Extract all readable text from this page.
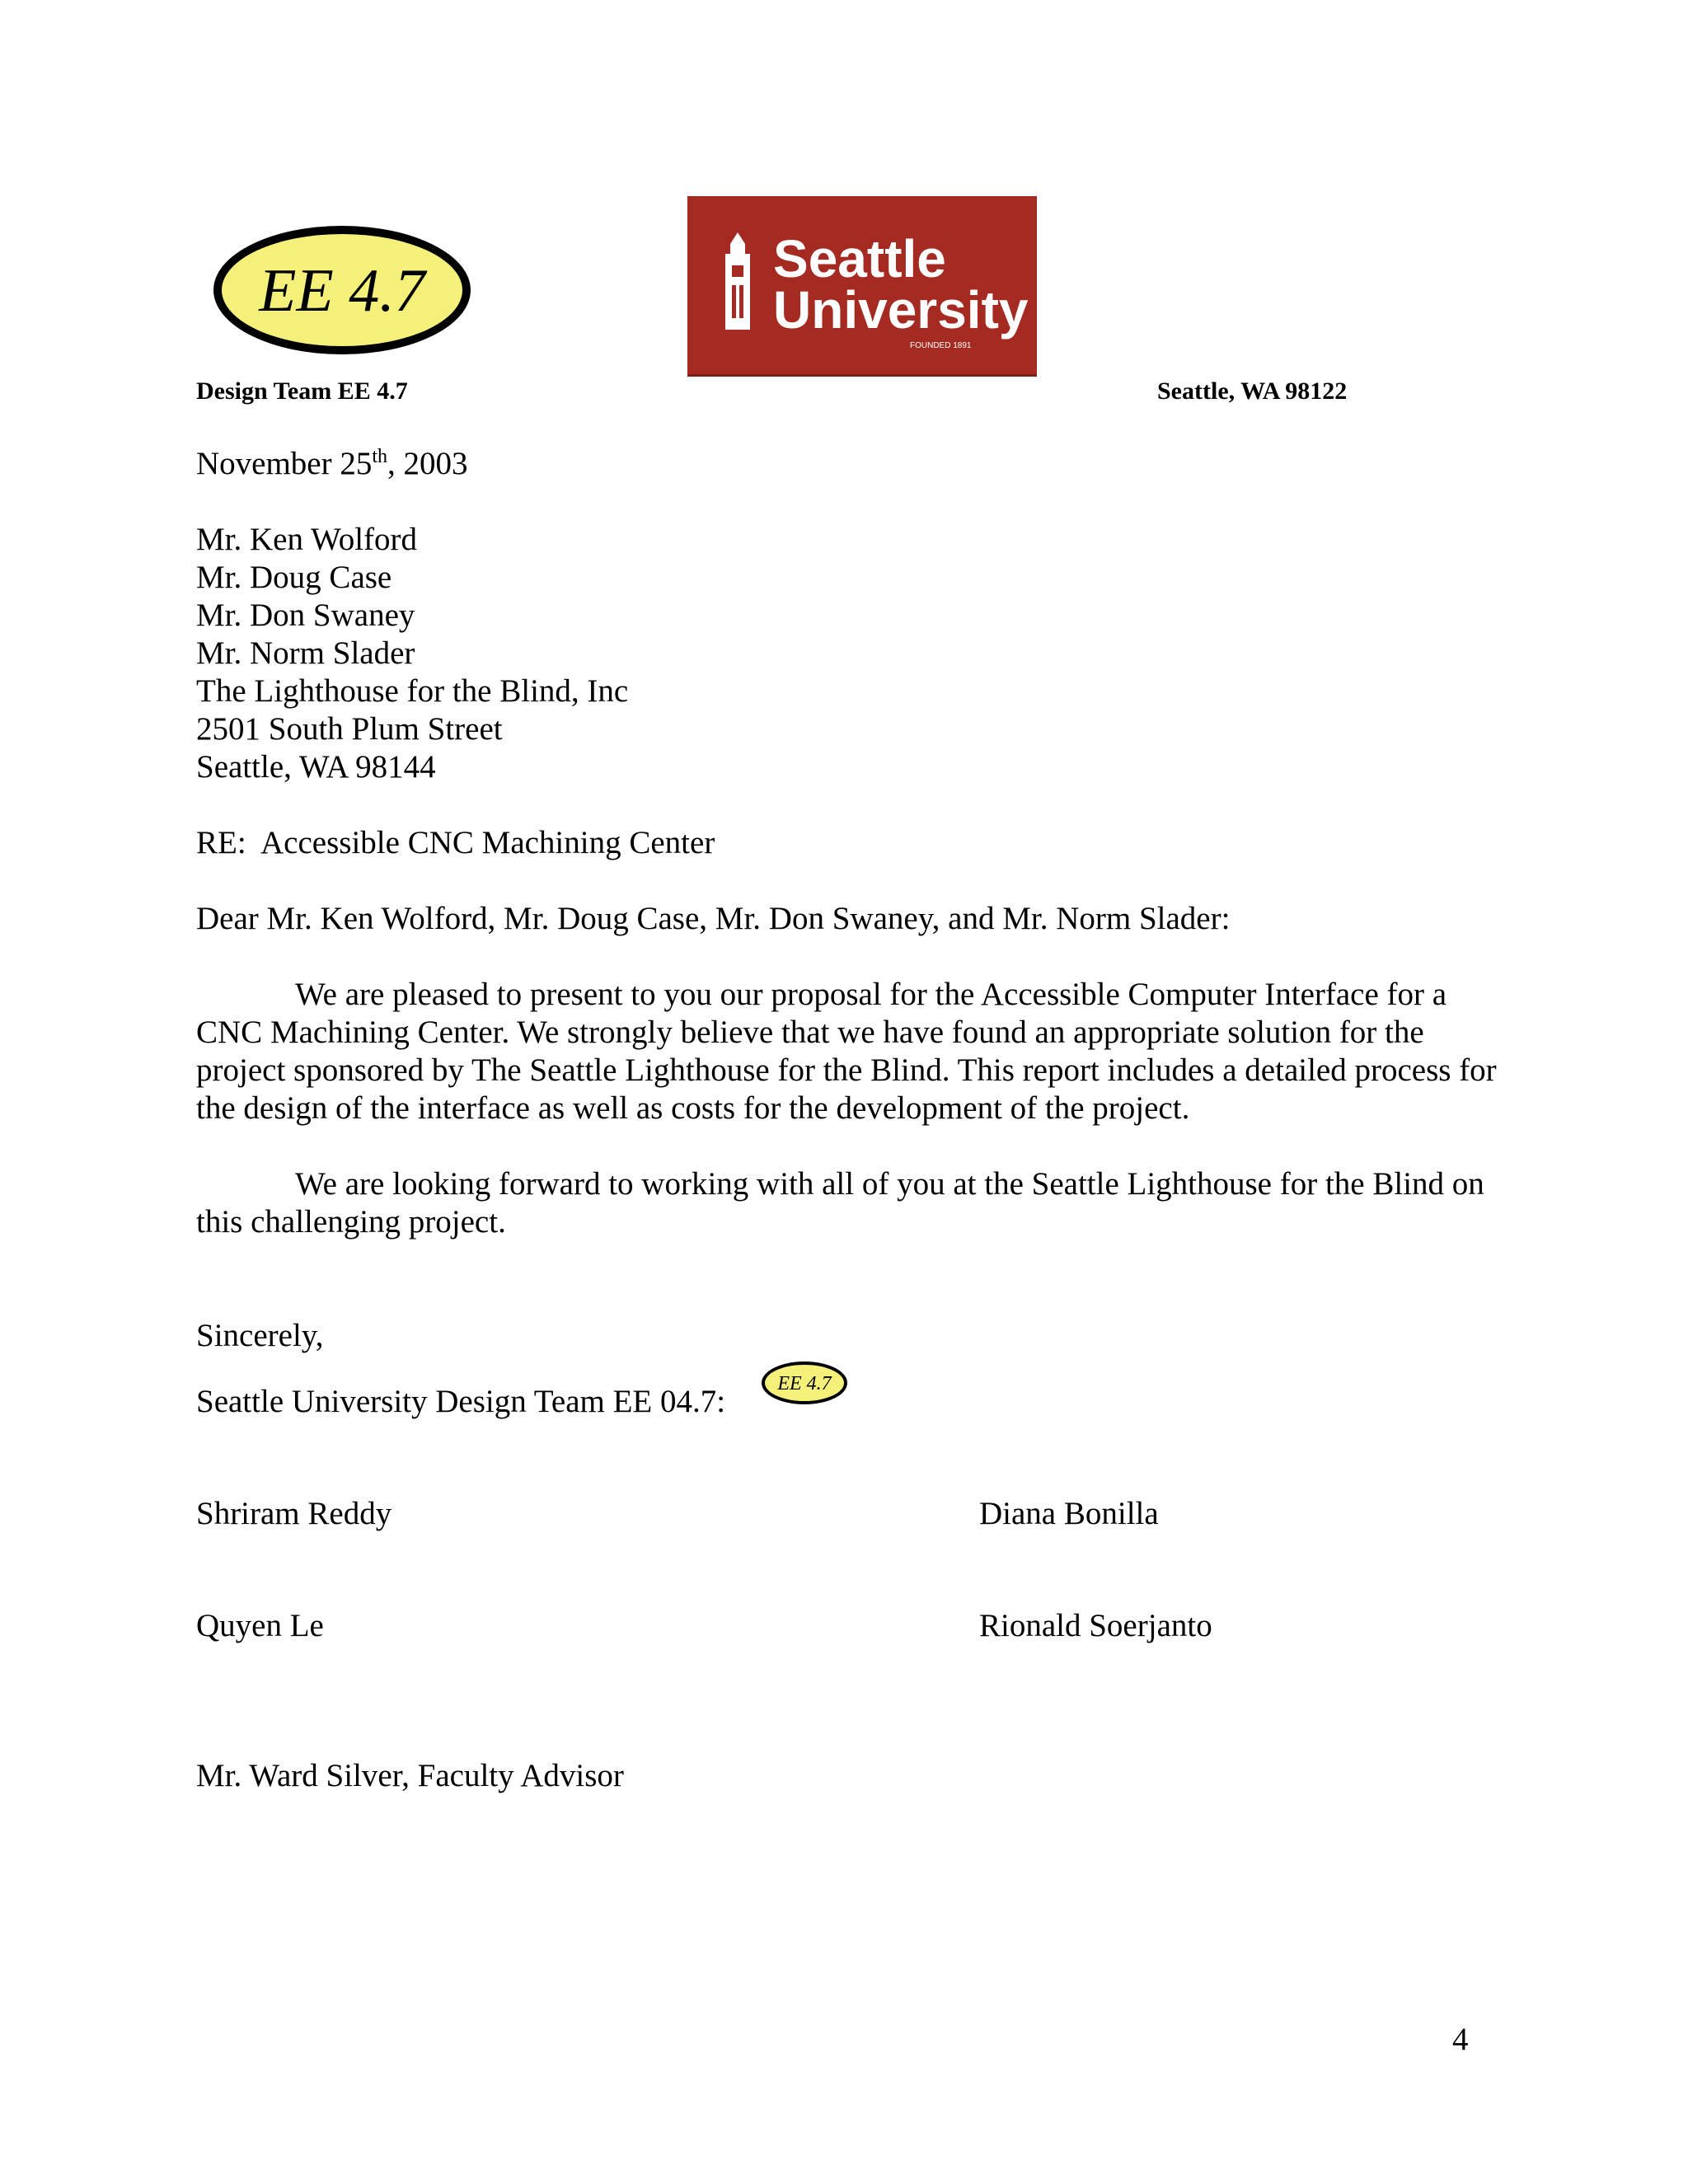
EE 4.7	Seattle
University
FOUNDED 1891
Design Team EE 4.7	Seattle, WA 98122
November 25th, 2003
Mr. Ken Wolford
Mr. Doug Case
Mr. Don Swaney
Mr. Norm Slader
The Lighthouse for the Blind, Inc
2501 South Plum Street
Seattle, WA 98144
RE:  Accessible CNC Machining Center
Dear Mr. Ken Wolford, Mr. Doug Case, Mr. Don Swaney, and Mr. Norm Slader:
We are pleased to present to you our proposal for the Accessible Computer Interface for a CNC Machining Center. We strongly believe that we have found an appropriate solution for the project sponsored by The Seattle Lighthouse for the Blind. This report includes a detailed process for the design of the interface as well as costs for the development of the project.
We are looking forward to working with all of you at the Seattle Lighthouse for the Blind on this challenging project.
Sincerely,
Seattle University Design Team EE 04.7:	EE 4.7
Shriram Reddy	Diana Bonilla
Quyen Le	Rionald Soerjanto
Mr. Ward Silver, Faculty Advisor
4
